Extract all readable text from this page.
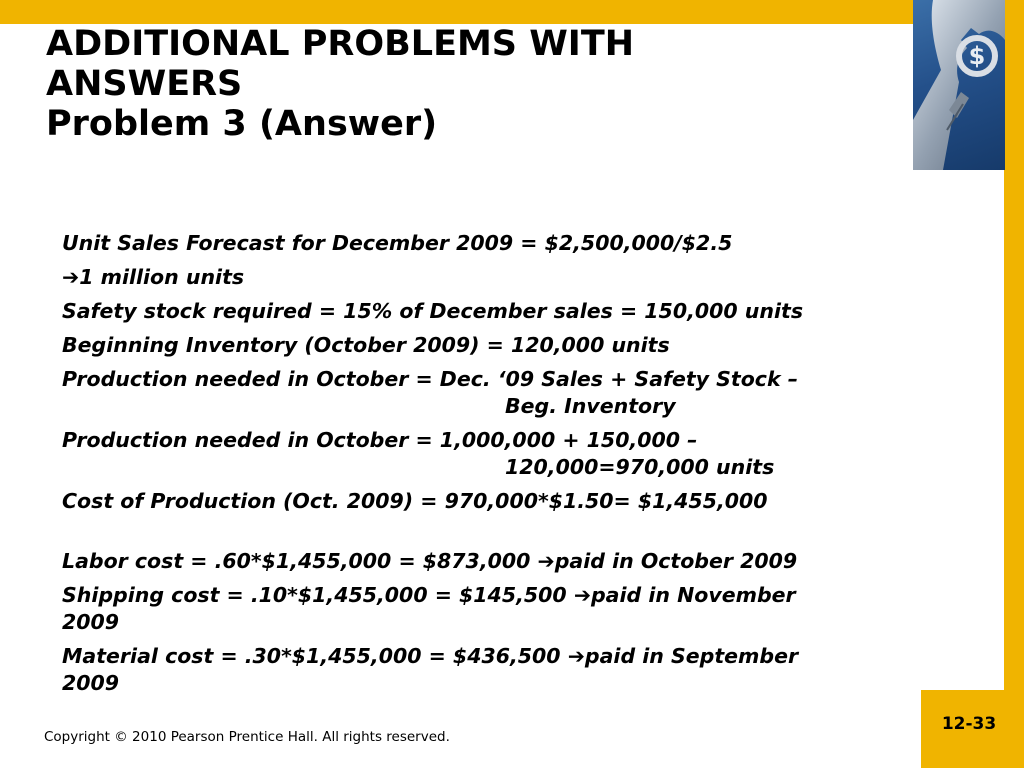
$
ADDITIONAL PROBLEMS WITH
ANSWERS
Problem 3 (Answer)
Unit Sales Forecast for December 2009 = $2,500,000/$2.5
➔1 million units
Safety stock required = 15% of December sales = 150,000 units
Beginning Inventory (October 2009) = 120,000 units
Production needed in October = Dec. ‘09 Sales + Safety Stock –
Beg. Inventory
Production needed in October = 1,000,000 + 150,000 –
120,000=970,000 units
Cost of Production (Oct. 2009) = 970,000*$1.50= $1,455,000
Labor cost = .60*$1,455,000 = $873,000 ➔paid in October 2009
Shipping cost = .10*$1,455,000 = $145,500 ➔paid in November
2009
Material cost = .30*$1,455,000 = $436,500 ➔paid in September
2009
Copyright © 2010 Pearson Prentice Hall. All rights reserved.
12-33
